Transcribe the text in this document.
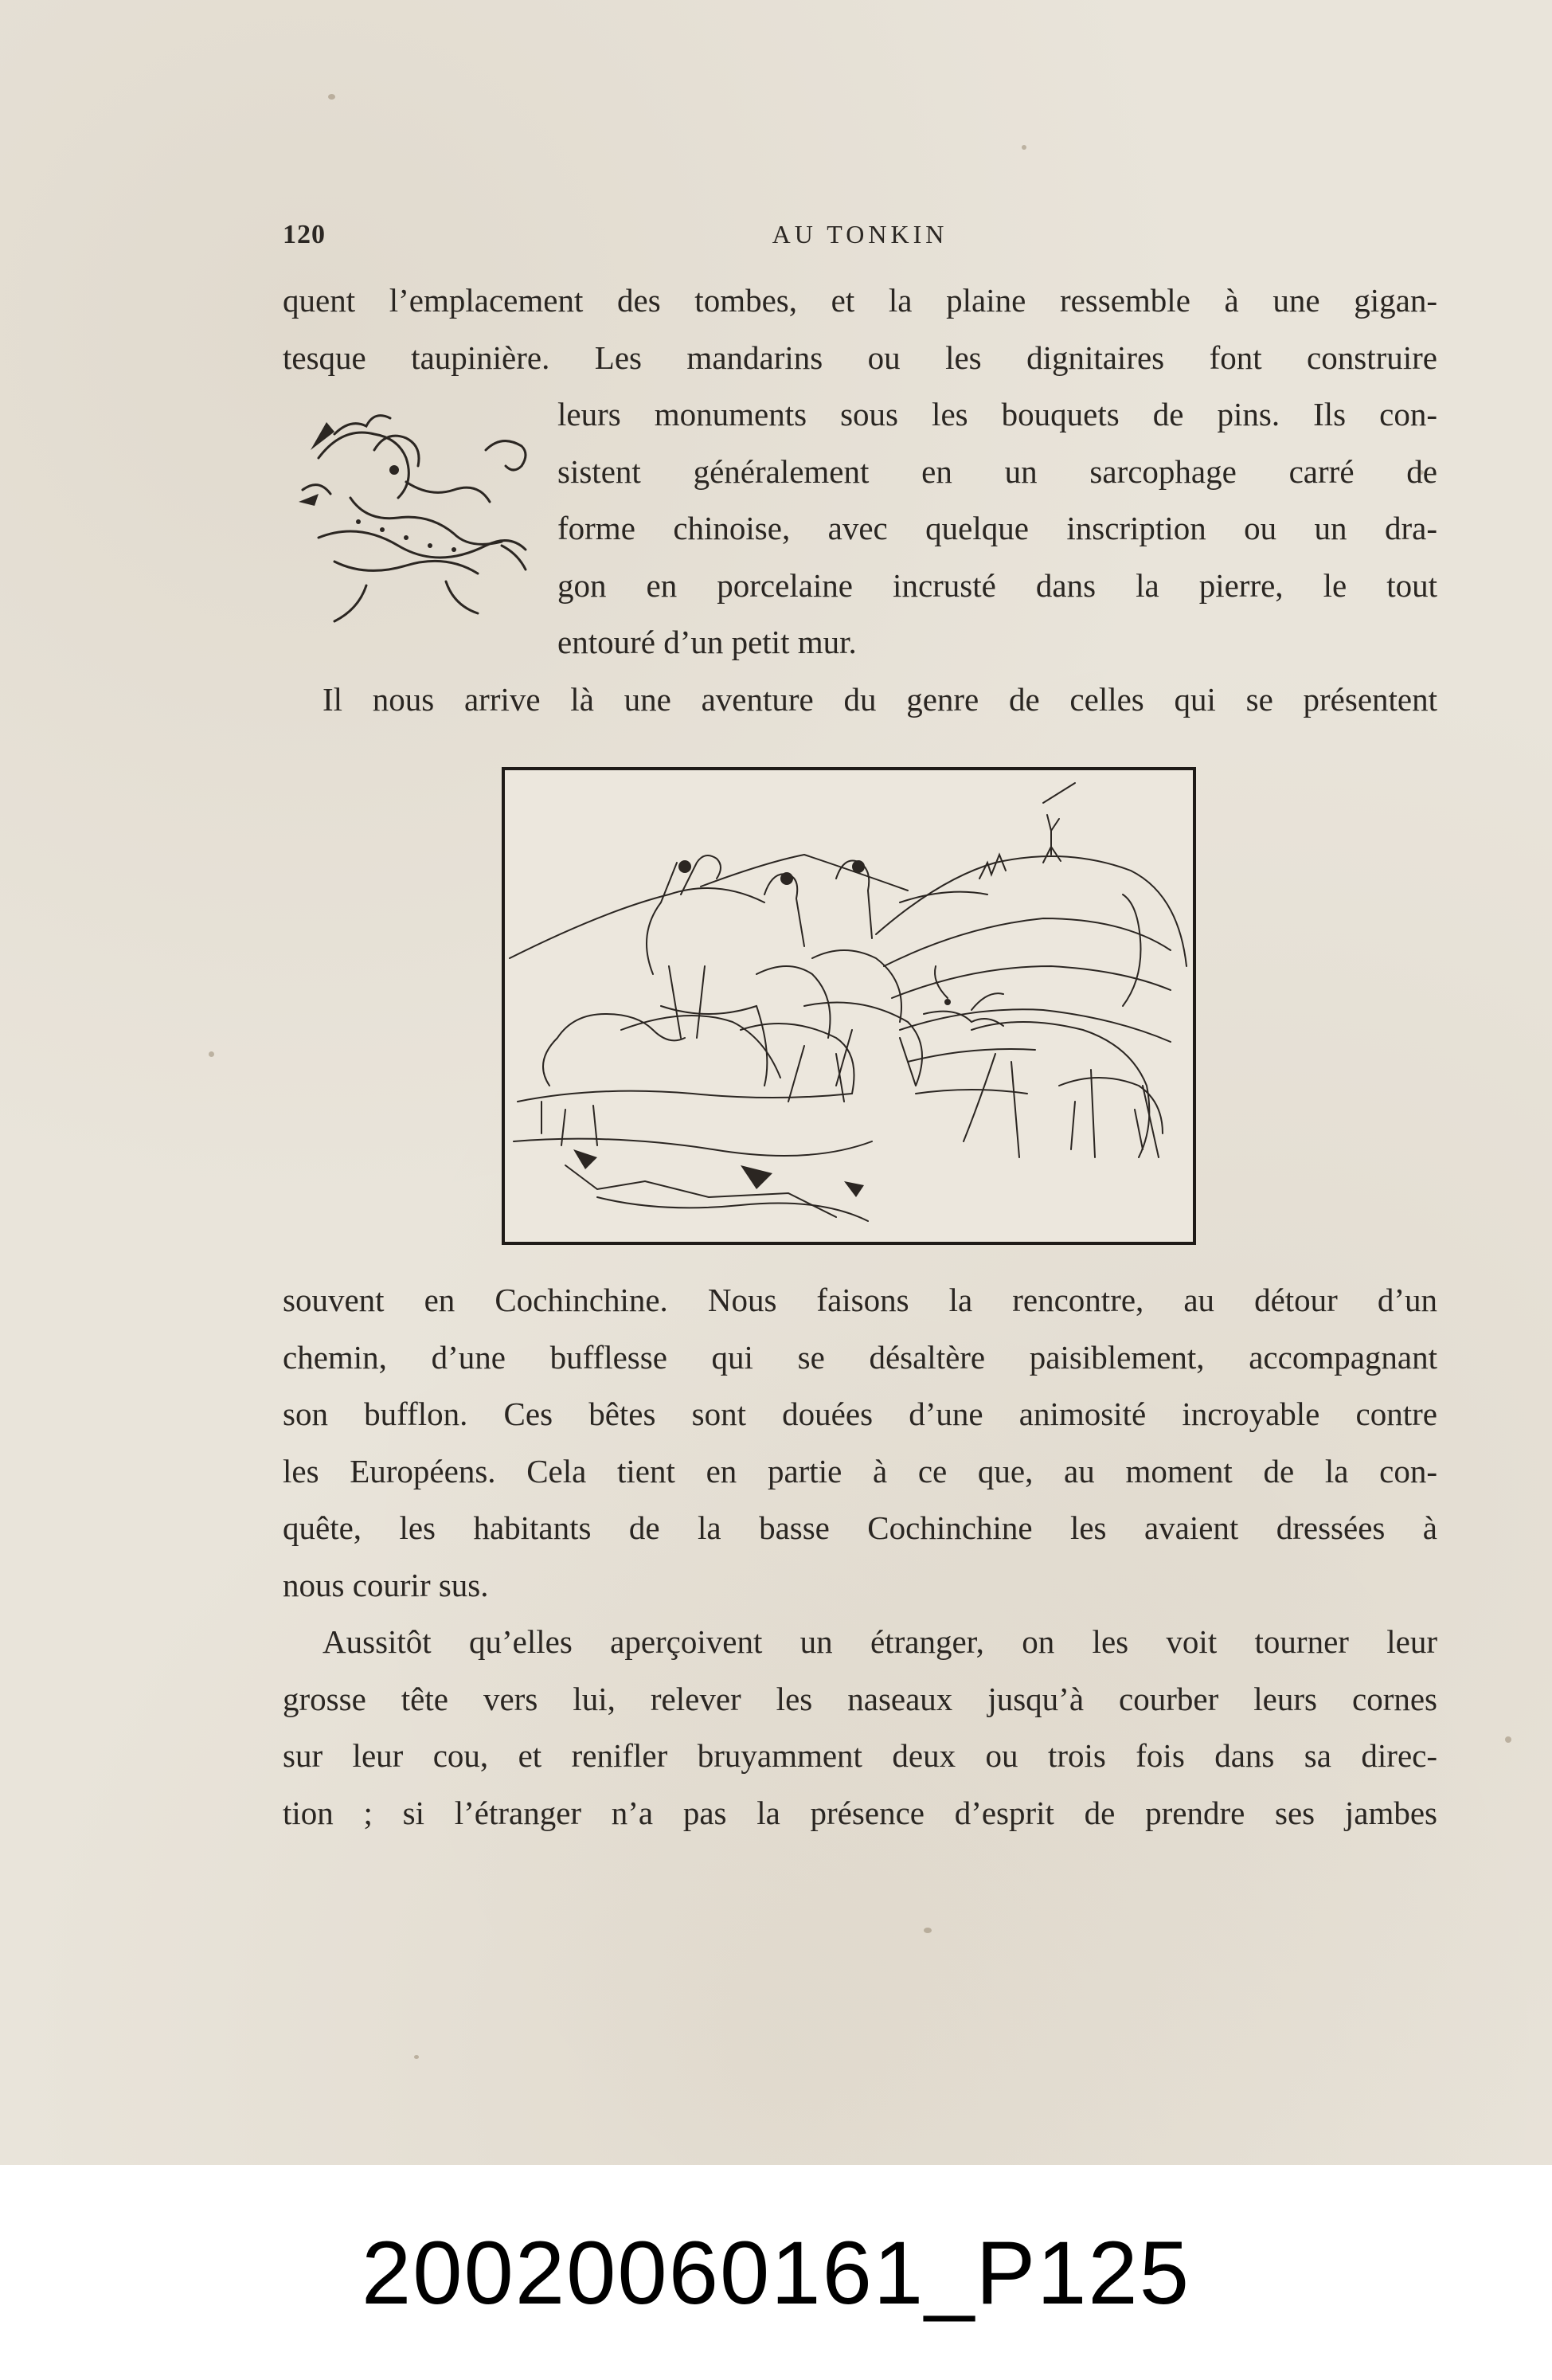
120	AU TONKIN
quent l’emplacement des tombes, et la plaine ressemble à une gigan-
tesque taupinière. Les mandarins ou les dignitaires font construire
leurs monuments sous les bouquets de pins. Ils con-
sistent généralement en un sarcophage carré de
forme chinoise, avec quelque inscription ou un dra-
gon en porcelaine incrusté dans la pierre, le tout
entouré d’un petit mur.
Il nous arrive là une aventure du genre de celles qui se présentent
souvent en Cochinchine. Nous faisons la rencontre, au détour d’un
chemin, d’une bufflesse qui se désaltère paisiblement, accompagnant
son bufflon. Ces bêtes sont douées d’une animosité incroyable contre
les Européens. Cela tient en partie à ce que, au moment de la con-
quête, les habitants de la basse Cochinchine les avaient dressées à
nous courir sus.
Aussitôt qu’elles aperçoivent un étranger, on les voit tourner leur
grosse tête vers lui, relever les naseaux jusqu’à courber leurs cornes
sur leur cou, et renifler bruyamment deux ou trois fois dans sa direc-
tion ; si l’étranger n’a pas la présence d’esprit de prendre ses jambes
20020060161_P125
